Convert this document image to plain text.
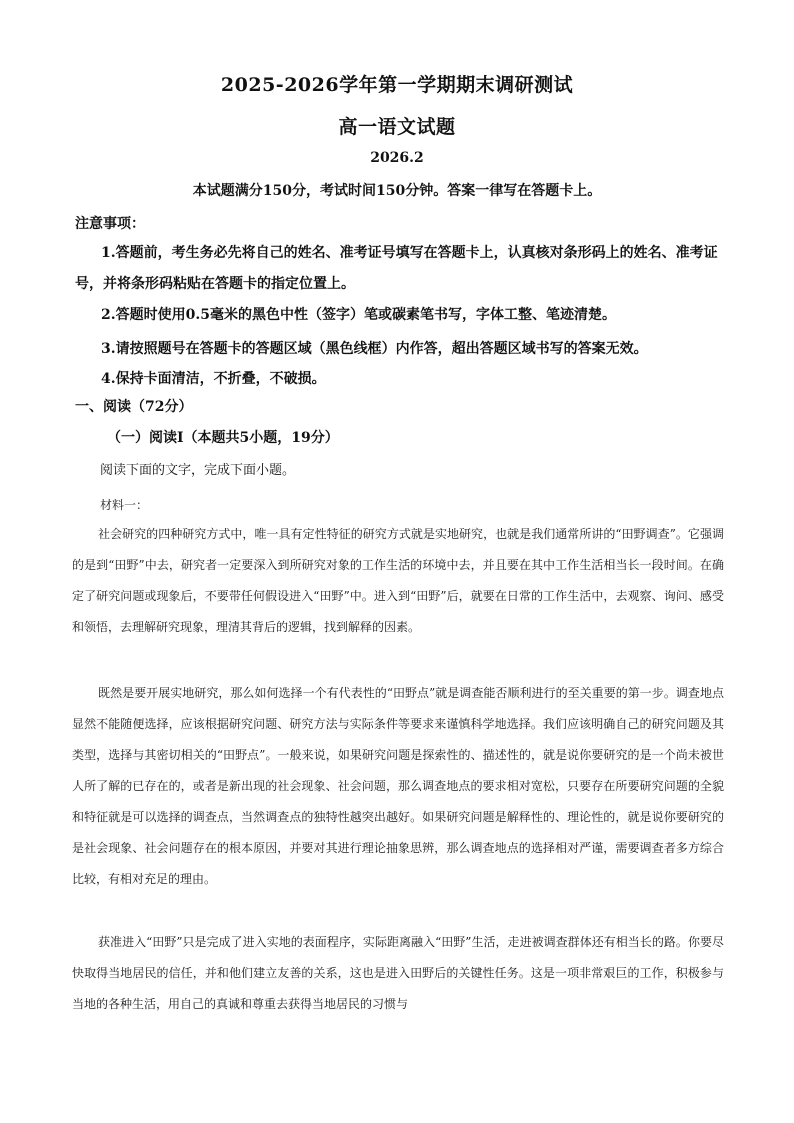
2025-2026学年第一学期期末调研测试
高一语文试题
2026.2
本试题满分150分，考试时间150分钟。答案一律写在答题卡上。
注意事项：
1.答题前，考生务必先将自己的姓名、准考证号填写在答题卡上，认真核对条形码上的姓名、准考证号，并将条形码粘贴在答题卡的指定位置上。
2.答题时使用0.5毫米的黑色中性（签字）笔或碳素笔书写，字体工整、笔迹清楚。
3.请按照题号在答题卡的答题区域（黑色线框）内作答，超出答题区域书写的答案无效。
4.保持卡面清洁，不折叠，不破损。
一、阅读（72分）
（一）阅读Ⅰ（本题共5小题，19分）
阅读下面的文字，完成下面小题。
材料一：
社会研究的四种研究方式中，唯一具有定性特征的研究方式就是实地研究，也就是我们通常所讲的“田野调查”。它强调的是到“田野”中去，研究者一定要深入到所研究对象的工作生活的环境中去，并且要在其中工作生活相当长一段时间。在确定了研究问题或现象后，不要带任何假设进入“田野”中。进入到“田野”后，就要在日常的工作生活中，去观察、询问、感受和领悟，去理解研究现象，理清其背后的逻辑，找到解释的因素。
既然是要开展实地研究，那么如何选择一个有代表性的“田野点”就是调查能否顺利进行的至关重要的第一步。调查地点显然不能随便选择，应该根据研究问题、研究方法与实际条件等要求来谨慎科学地选择。我们应该明确自己的研究问题及其类型，选择与其密切相关的“田野点”。一般来说，如果研究问题是探索性的、描述性的，就是说你要研究的是一个尚未被世人所了解的已存在的，或者是新出现的社会现象、社会问题，那么调查地点的要求相对宽松，只要存在所要研究问题的全貌和特征就是可以选择的调查点，当然调查点的独特性越突出越好。如果研究问题是解释性的、理论性的，就是说你要研究的是社会现象、社会问题存在的根本原因，并要对其进行理论抽象思辨，那么调查地点的选择相对严谨，需要调查者多方综合比较，有相对充足的理由。
获准进入“田野”只是完成了进入实地的表面程序，实际距离融入“田野”生活，走进被调查群体还有相当长的路。你要尽快取得当地居民的信任，并和他们建立友善的关系，这也是进入田野后的关键性任务。这是一项非常艰巨的工作，积极参与当地的各种生活，用自己的真诚和尊重去获得当地居民的习惯与
